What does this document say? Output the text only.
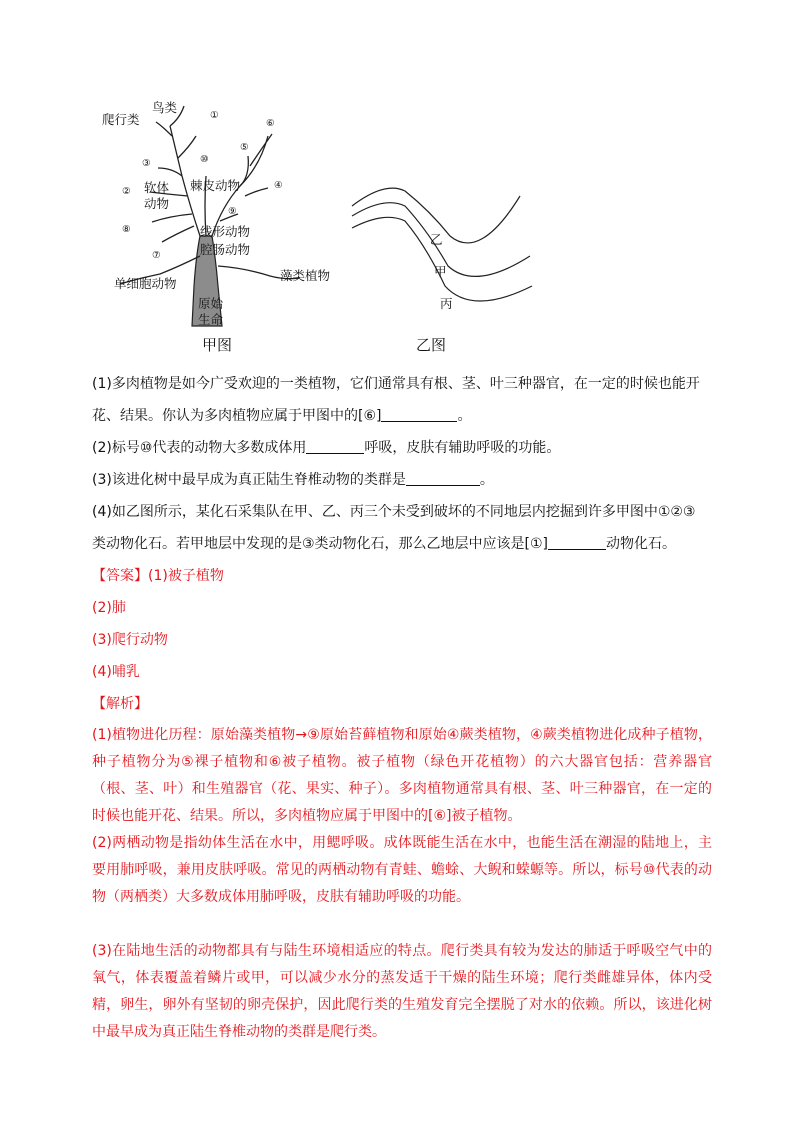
鸟类
爬行类
软体
动物
棘皮动物
线形动物
腔肠动物
单细胞动物
藻类植物
原始
生命
①
②
③
④
⑤
⑥
⑦
⑧
⑨
⑩
甲图
乙
甲
丙
乙图
(1)多肉植物是如今广受欢迎的一类植物，它们通常具有根、茎、叶三种器官，在一定的时候也能开
花、结果。你认为多肉植物应属于甲图中的[⑥]	。
(2)标号⑩代表的动物大多数成体用	呼吸，皮肤有辅助呼吸的功能。
(3)该进化树中最早成为真正陆生脊椎动物的类群是	。
(4)如乙图所示，某化石采集队在甲、乙、丙三个未受到破坏的不同地层内挖掘到许多甲图中①②③
类动物化石。若甲地层中发现的是③类动物化石，那么乙地层中应该是[①]	动物化石。
【答案】(1)被子植物
(2)肺
(3)爬行动物
(4)哺乳
【解析】
(1)植物进化历程：原始藻类植物→⑨原始苔藓植物和原始④蕨类植物，④蕨类植物进化成种子植物，种子植物分为⑤裸子植物和⑥被子植物。被子植物（绿色开花植物）的六大器官包括：营养器官（根、茎、叶）和生殖器官（花、果实、种子）。多肉植物通常具有根、茎、叶三种器官，在一定的时候也能开花、结果。所以，多肉植物应属于甲图中的[⑥]被子植物。
(2)两栖动物是指幼体生活在水中，用鳃呼吸。成体既能生活在水中，也能生活在潮湿的陆地上，主要用肺呼吸，兼用皮肤呼吸。常见的两栖动物有青蛙、蟾蜍、大鲵和蝾螈等。所以，标号⑩代表的动物（两栖类）大多数成体用肺呼吸，皮肤有辅助呼吸的功能。
(3)在陆地生活的动物都具有与陆生环境相适应的特点。爬行类具有较为发达的肺适于呼吸空气中的氧气，体表覆盖着鳞片或甲，可以减少水分的蒸发适于干燥的陆生环境；爬行类雌雄异体，体内受精，卵生，卵外有坚韧的卵壳保护，因此爬行类的生殖发育完全摆脱了对水的依赖。所以，该进化树中最早成为真正陆生脊椎动物的类群是爬行类。
